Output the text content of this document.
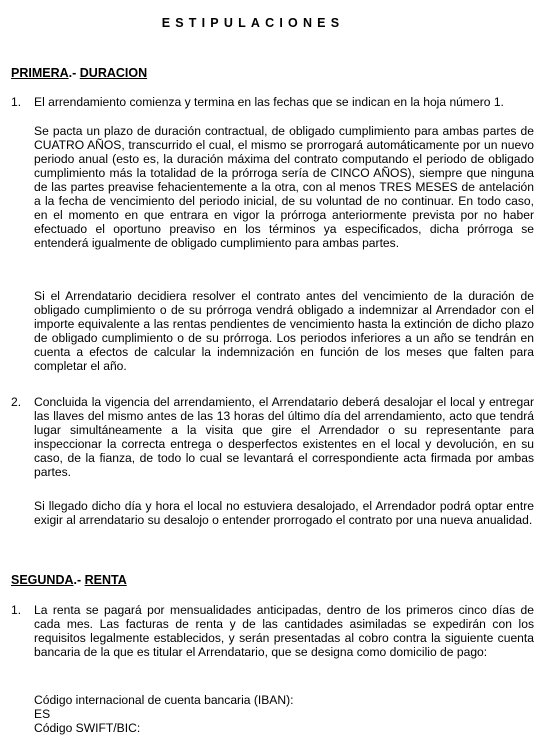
ESTIPULACIONES
PRIMERA.- DURACION
1. El arrendamiento comienza y termina en las fechas que se indican en la hoja número 1.
Se pacta un plazo de duración contractual, de obligado cumplimiento para ambas partes de CUATRO AÑOS, transcurrido el cual, el mismo se prorrogará automáticamente por un nuevo periodo anual (esto es, la duración máxima del contrato computando el periodo de obligado cumplimiento más la totalidad de la prórroga sería de CINCO AÑOS), siempre que ninguna de las partes preavise fehacientemente a la otra, con al menos TRES MESES de antelación a la fecha de vencimiento del periodo inicial, de su voluntad de no continuar. En todo caso, en el momento en que entrara en vigor la prórroga anteriormente prevista por no haber efectuado el oportuno preaviso en los términos ya especificados, dicha prórroga se entenderá igualmente de obligado cumplimiento para ambas partes.
Si el Arrendatario decidiera resolver el contrato antes del vencimiento de la duración de obligado cumplimiento o de su prórroga vendrá obligado a indemnizar al Arrendador con el importe equivalente a las rentas pendientes de vencimiento hasta la extinción de dicho plazo de obligado cumplimiento o de su prórroga. Los periodos inferiores a un año se tendrán en cuenta a efectos de calcular la indemnización en función de los meses que falten para completar el año.
2. Concluida la vigencia del arrendamiento, el Arrendatario deberá desalojar el local y entregar las llaves del mismo antes de las 13 horas del último día del arrendamiento, acto que tendrá lugar simultáneamente a la visita que gire el Arrendador o su representante para inspeccionar la correcta entrega o desperfectos existentes en el local y devolución, en su caso, de la fianza, de todo lo cual se levantará el correspondiente acta firmada por ambas partes.
Si llegado dicho día y hora el local no estuviera desalojado, el Arrendador podrá optar entre exigir al arrendatario su desalojo o entender prorrogado el contrato por una nueva anualidad.
SEGUNDA.- RENTA
1. La renta se pagará por mensualidades anticipadas, dentro de los primeros cinco días de cada mes. Las facturas de renta y de las cantidades asimiladas se expedirán con los requisitos legalmente establecidos, y serán presentadas al cobro contra la siguiente cuenta bancaria de la que es titular el Arrendatario, que se designa como domicilio de pago:
Código internacional de cuenta bancaria (IBAN):
ES
Código SWIFT/BIC:
